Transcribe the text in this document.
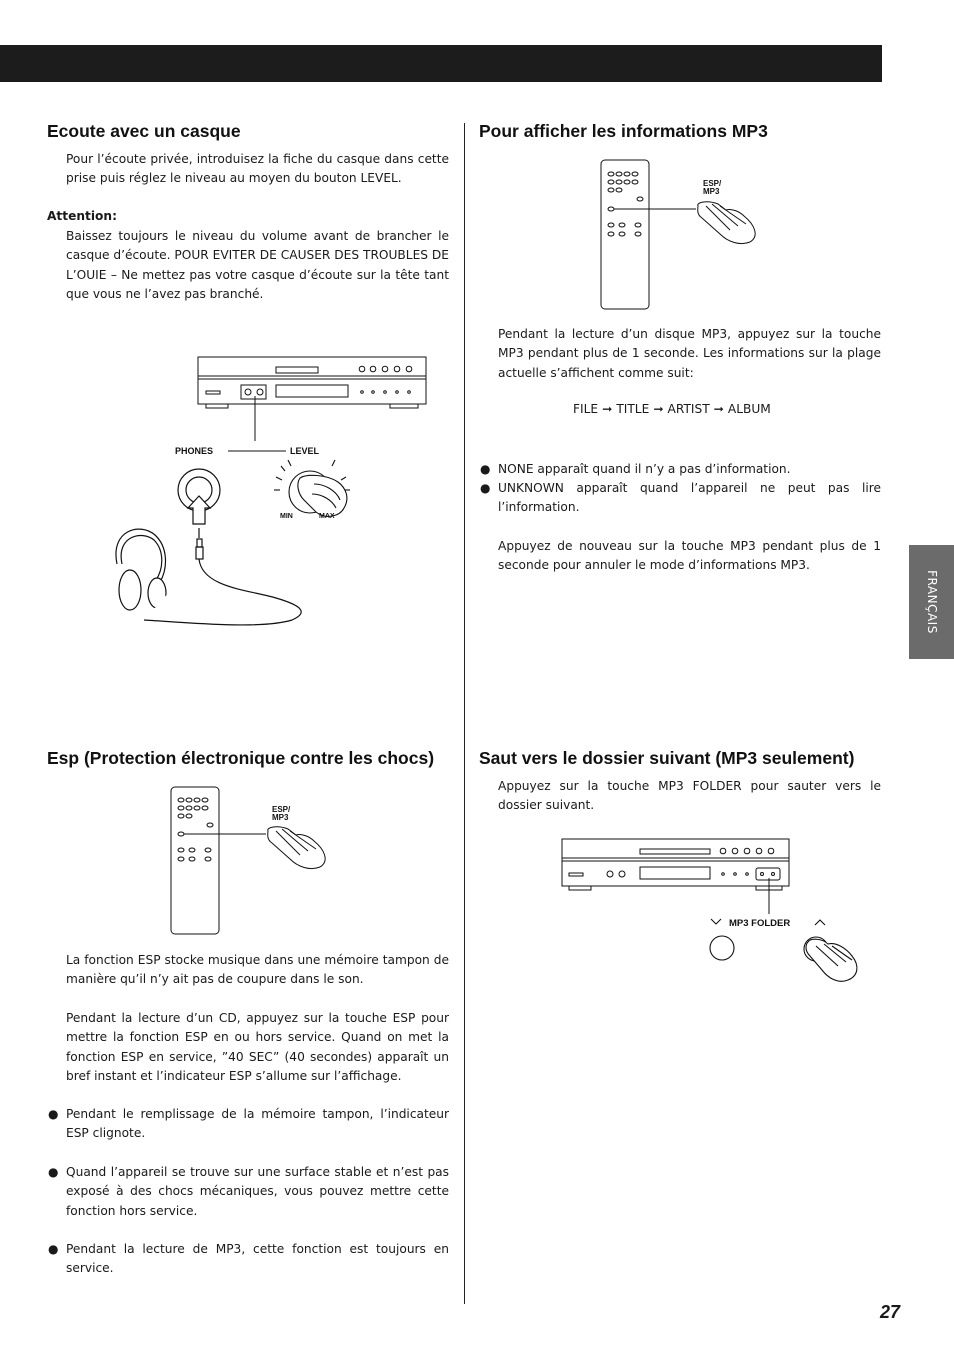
FRANÇAIS
Ecoute avec un casque

Pour l’écoute privée, introduisez la fiche du casque dans cette prise puis réglez le niveau au moyen du bouton LEVEL.

Attention:

Baissez toujours le niveau du volume avant de brancher le casque d’écoute. POUR EVITER DE CAUSER DES TROUBLES DE L’OUIE – Ne mettez pas votre casque d’écoute sur la tête tant que vous ne l’avez pas branché.

PHONES	LEVEL
MIN	MAX
Pour afficher les informations MP3
ESP/
MP3

Pendant la lecture d’un disque MP3, appuyez sur la touche MP3 pendant plus de 1 seconde. Les informations sur la plage actuelle s’affichent comme suit:

FILE ➞ TITLE ➞ ARTIST ➞ ALBUM
● NONE apparaît quand il n’y a pas d’information.
● UNKNOWN apparaît quand l’appareil ne peut pas lire l’information.

Appuyez de nouveau sur la touche MP3 pendant plus de 1 seconde pour annuler le mode d’informations MP3.

Esp (Protection électronique contre les chocs)
ESP/
MP3

La fonction ESP stocke musique dans une mémoire tampon de manière qu’il n’y ait pas de coupure dans le son.

Pendant la lecture d’un CD, appuyez sur la touche ESP pour mettre la fonction ESP en ou hors service. Quand on met la fonction ESP en service, ”40 SEC” (40 secondes) apparaît un bref instant et l’indicateur ESP s’allume sur l’affichage.

● Pendant le remplissage de la mémoire tampon, l’indicateur ESP clignote.
● Quand l’appareil se trouve sur une surface stable et n’est pas exposé à des chocs mécaniques, vous pouvez mettre cette fonction hors service.
● Pendant la lecture de MP3, cette fonction est toujours en service.
Saut vers le dossier suivant (MP3 seulement)

Appuyez sur la touche MP3 FOLDER pour sauter vers le dossier suivant.

MP3 FOLDER
27
